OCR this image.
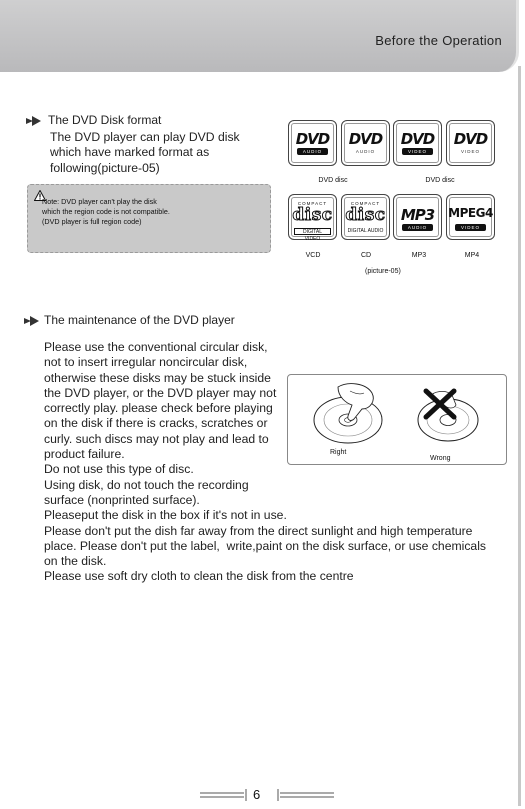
Before the Operation
The DVD Disk format
The DVD player can play DVD disk
which have marked format as
following(picture-05)
Note: DVD player can't play the disk
which the region code is not compatible.
(DVD player is full region code)
DVD
AUDIO
DVD
AUDIO
DVD
VIDEO
DVD
VIDEO
DVD disc	DVD disc
COMPACT
disc
DIGITAL VIDEO
COMPACT
disc
DIGITAL AUDIO
MP3
AUDIO
MPEG4
VIDEO
VCD	CD	MP3	MP4
(picture-05)
The maintenance of the DVD player
Please use the conventional circular disk,
not to insert irregular noncircular disk,
otherwise these disks may be stuck inside
the DVD player, or the DVD player may not
correctly play. please check before playing
on the disk if there is cracks, scratches or
curly. such discs may not play and lead to
product failure.
Do not use this type of disc.
Using disk, do not touch the recording
surface (nonprinted surface).
Pleaseput the disk in the box if it's not in use.
Please don't put the dish far away from the direct sunlight and high temperature
place. Please don't put the label,  write,paint on the disk surface, or use chemicals
on the disk.
Please use soft dry cloth to clean the disk from the centre
Right
Wrong
6
